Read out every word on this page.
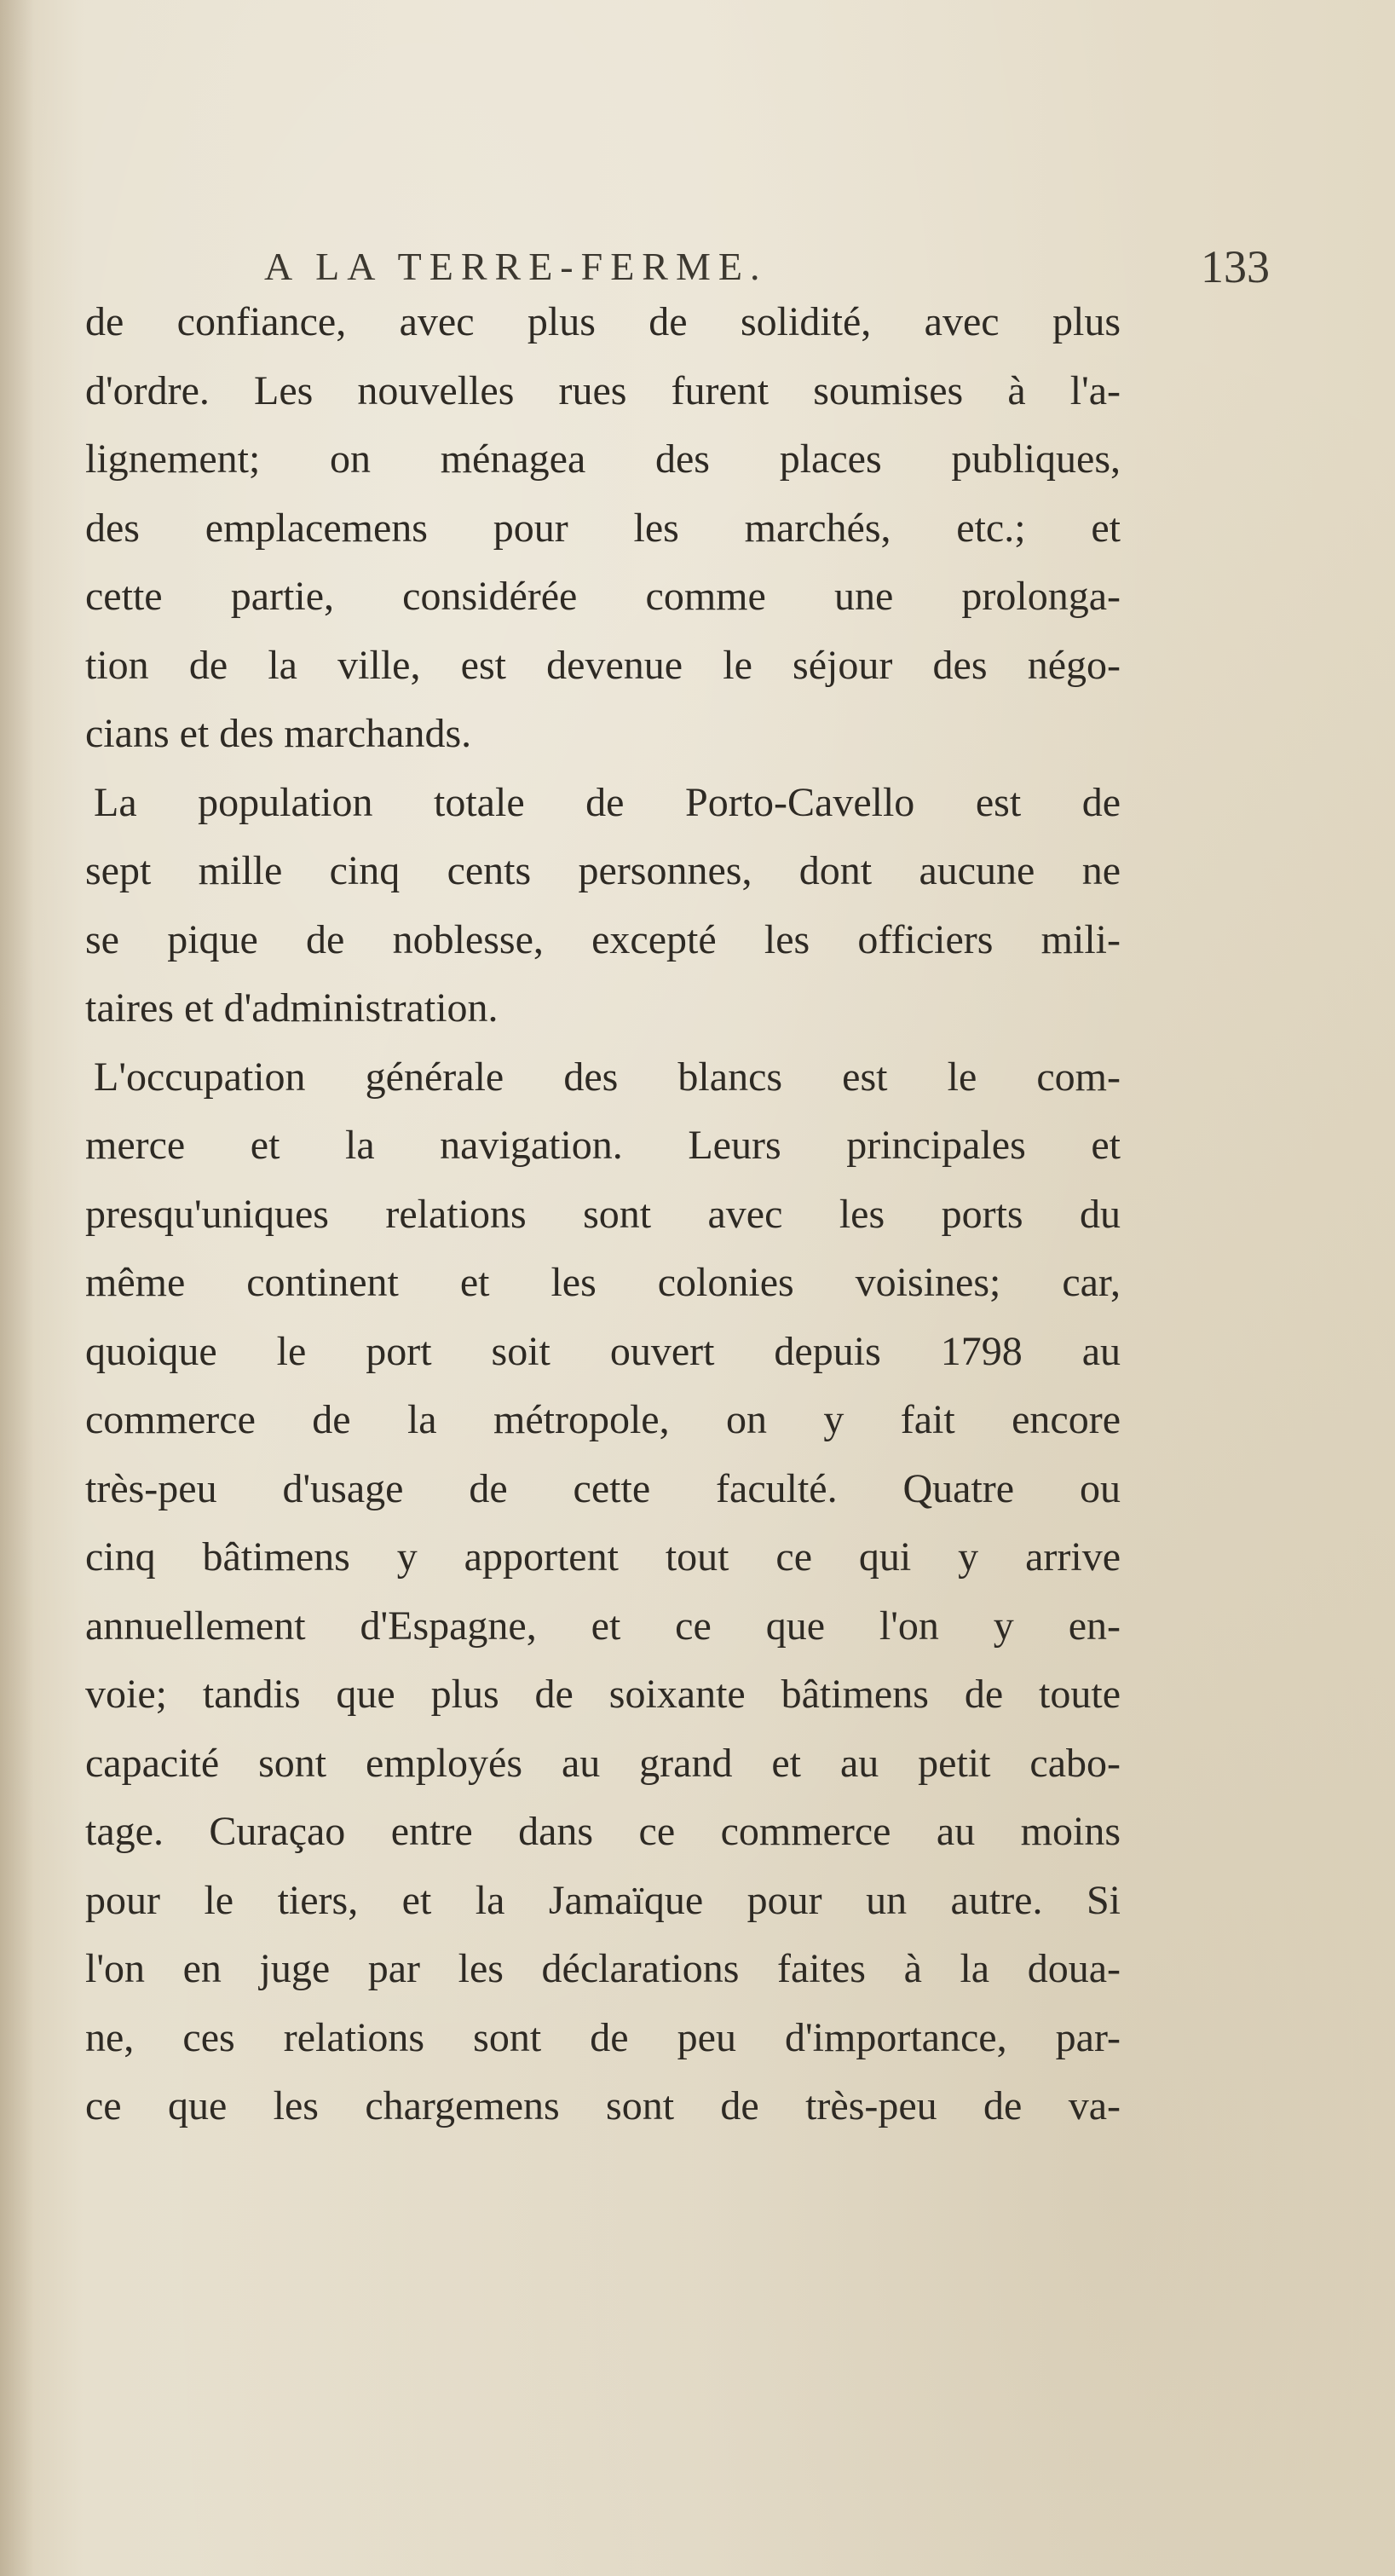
A LA TERRE-FERME.	133
de confiance, avec plus de solidité, avec plus
d'ordre. Les nouvelles rues furent soumises à l'a-
lignement; on ménagea des places publiques,
des emplacemens pour les marchés, etc.; et
cette partie, considérée comme une prolonga-
tion de la ville, est devenue le séjour des négo-
cians et des marchands.
La population totale de Porto-Cavello est de
sept mille cinq cents personnes, dont aucune ne
se pique de noblesse, excepté les officiers mili-
taires et d'administration.
L'occupation générale des blancs est le com-
merce et la navigation. Leurs principales et
presqu'uniques relations sont avec les ports du
même continent et les colonies voisines; car,
quoique le port soit ouvert depuis 1798 au
commerce de la métropole, on y fait encore
très-peu d'usage de cette faculté. Quatre ou
cinq bâtimens y apportent tout ce qui y arrive
annuellement d'Espagne, et ce que l'on y en-
voie; tandis que plus de soixante bâtimens de toute
capacité sont employés au grand et au petit cabo-
tage. Curaçao entre dans ce commerce au moins
pour le tiers, et la Jamaïque pour un autre. Si
l'on en juge par les déclarations faites à la doua-
ne, ces relations sont de peu d'importance, par-
ce que les chargemens sont de très-peu de va-
